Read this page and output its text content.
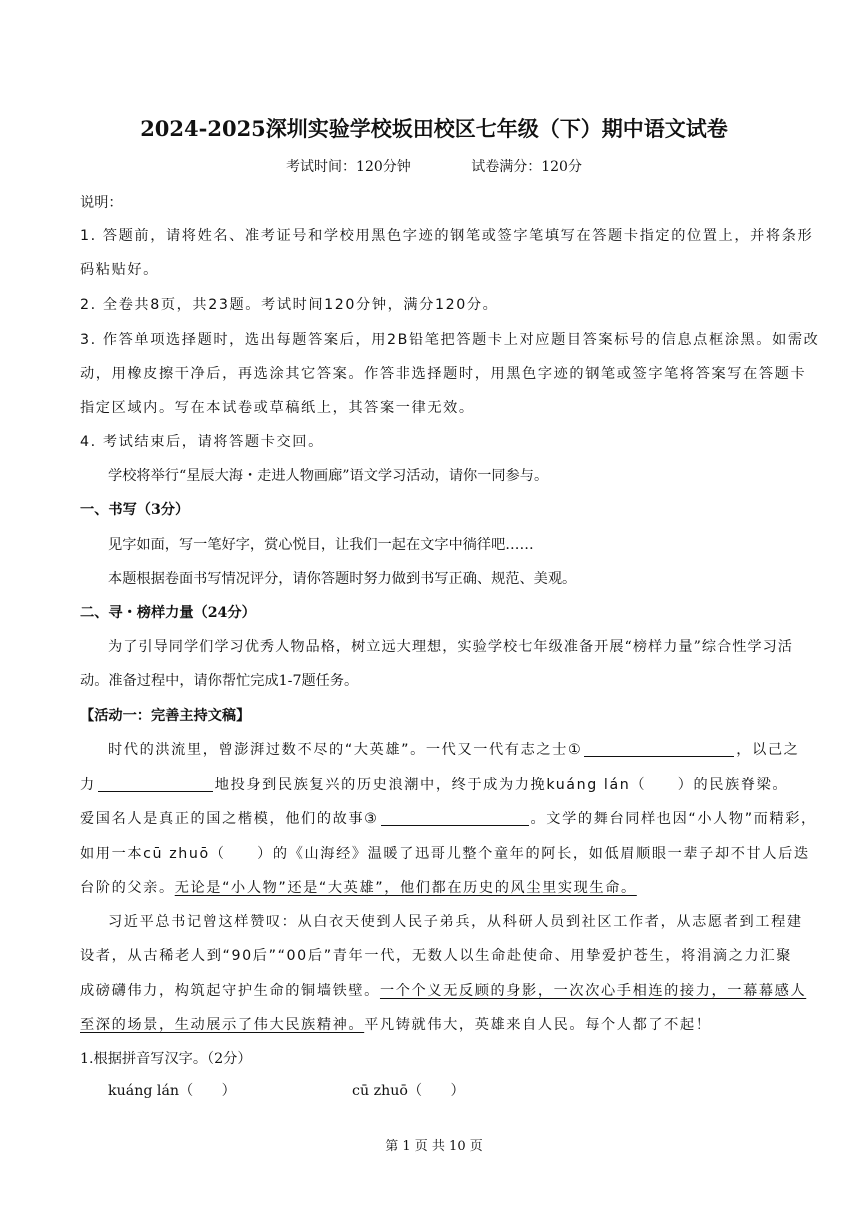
2024-2025深圳实验学校坂田校区七年级（下）期中语文试卷
考试时间：120分钟	试卷满分：120分
说明：
1. 答题前，请将姓名、准考证号和学校用黑色字迹的钢笔或签字笔填写在答题卡指定的位置上，并将条形
码粘贴好。
2. 全卷共8页，共23题。考试时间120分钟，满分120分。
3. 作答单项选择题时，选出每题答案后，用2B铅笔把答题卡上对应题目答案标号的信息点框涂黑。如需改
动，用橡皮擦干净后，再选涂其它答案。作答非选择题时，用黑色字迹的钢笔或签字笔将答案写在答题卡
指定区域内。写在本试卷或草稿纸上，其答案一律无效。
4. 考试结束后，请将答题卡交回。
学校将举行“星辰大海・走进人物画廊”语文学习活动，请你一同参与。
一、书写（3分）
见字如面，写一笔好字，赏心悦目，让我们一起在文字中徜徉吧……
本题根据卷面书写情况评分，请你答题时努力做到书写正确、规范、美观。
二、寻・榜样力量（24分）
为了引导同学们学习优秀人物品格，树立远大理想，实验学校七年级准备开展“榜样力量”综合性学习活
动。准备过程中，请你帮忙完成1-7题任务。
【活动一：完善主持文稿】
时代的洪流里，曾澎湃过数不尽的“大英雄”。一代又一代有志之士①	，以己之
力	地投身到民族复兴的历史浪潮中，终于成为力挽kuáng lán（　　）的民族脊梁。
爱国名人是真正的国之楷模，他们的故事③	。文学的舞台同样也因“小人物”而精彩，
如用一本cū zhuō（　　）的《山海经》温暖了迅哥儿整个童年的阿长，如低眉顺眼一辈子却不甘人后迭
台阶的父亲。无论是“小人物”还是“大英雄”，他们都在历史的风尘里实现生命。
习近平总书记曾这样赞叹：从白衣天使到人民子弟兵，从科研人员到社区工作者，从志愿者到工程建
设者，从古稀老人到“90后”“00后”青年一代，无数人以生命赴使命、用挚爱护苍生，将涓滴之力汇聚
成磅礴伟力，构筑起守护生命的铜墙铁壁。一个个义无反顾的身影，一次次心手相连的接力，一幕幕感人
至深的场景，生动展示了伟大民族精神。平凡铸就伟大，英雄来自人民。每个人都了不起！
1.根据拼音写汉字。（2分）
kuáng lán（　　）	cū zhuō（　　）
第 1 页 共 10 页
